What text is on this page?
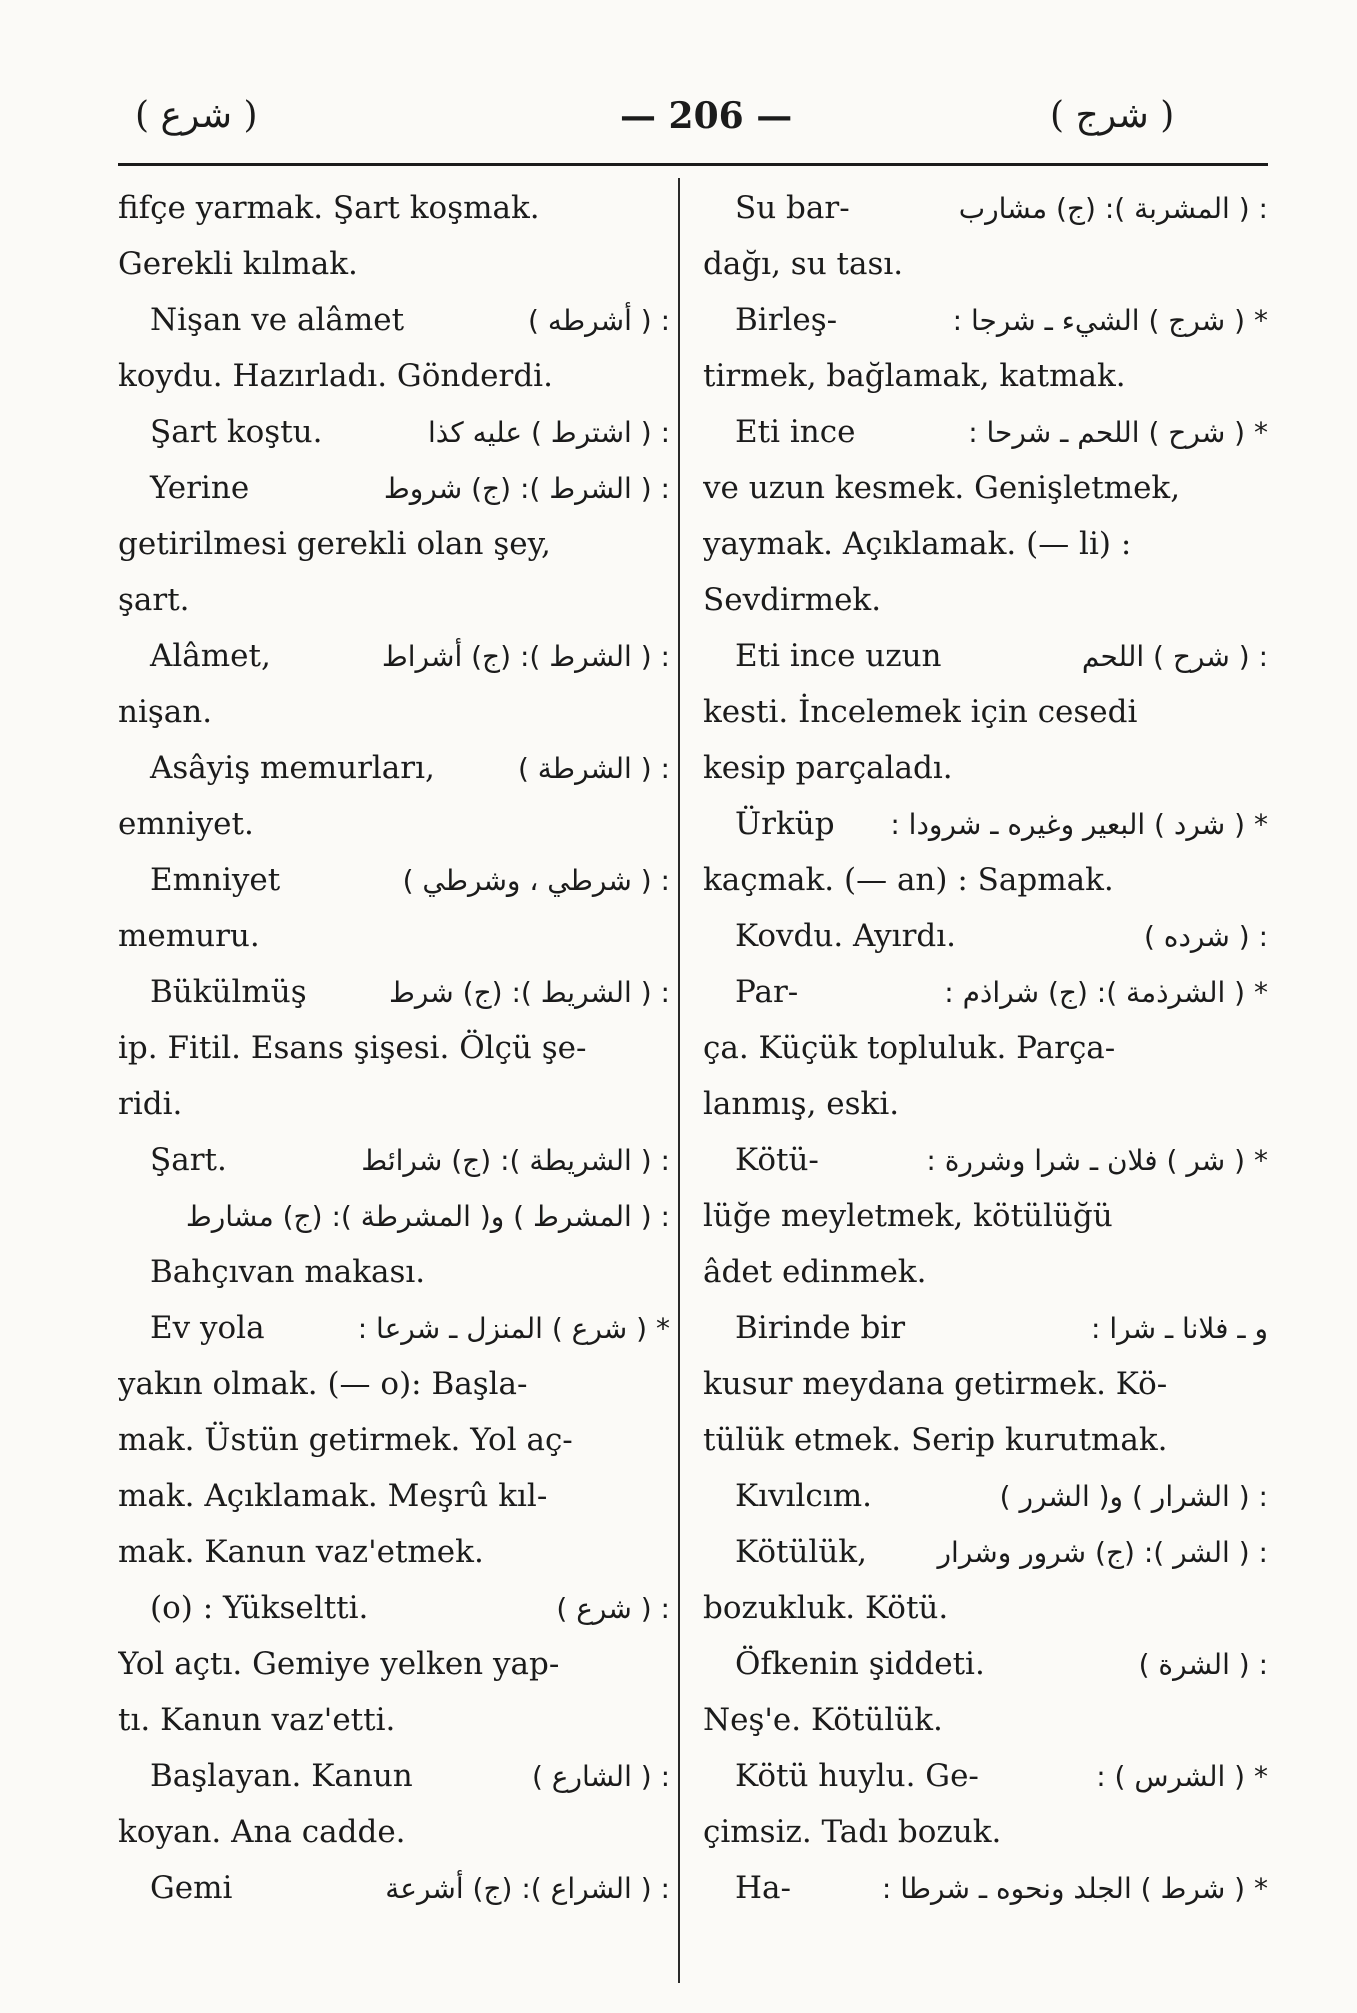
( شرع )	— 206 —	( شرج )
fifçe yarmak. Şart koşmak.
Gerekli kılmak.
Nişan ve alâmet	: ( أشرطه )
koydu. Hazırladı. Gönderdi.
Şart koştu.	: ( اشترط ) عليه كذا
Yerine	: ( الشرط ): (ج) شروط
getirilmesi gerekli olan şey,
şart.
Alâmet,	: ( الشرط ): (ج) أشراط
nişan.
Asâyiş memurları,	: ( الشرطة )
emniyet.
Emniyet	: ( شرطي ، وشرطي )
memuru.
Bükülmüş	: ( الشريط ): (ج) شرط
ip. Fitil. Esans şişesi. Ölçü şe-
ridi.
Şart.	: ( الشريطة ): (ج) شرائط
: ( المشرط ) و( المشرطة ): (ج) مشارط
Bahçıvan makası.
Ev yola	* ( شرع ) المنزل ـ شرعا :
yakın olmak. (— o): Başla-
mak. Üstün getirmek. Yol aç-
mak. Açıklamak. Meşrû kıl-
mak. Kanun vaz'etmek.
(o) : Yükseltti.	: ( شرع )
Yol açtı. Gemiye yelken yap-
tı. Kanun vaz'etti.
Başlayan. Kanun	: ( الشارع )
koyan. Ana cadde.
Gemi	: ( الشراع ): (ج) أشرعة
Su bar-	: ( المشربة ): (ج) مشارب
dağı, su tası.
Birleş-	* ( شرج ) الشيء ـ شرجا :
tirmek, bağlamak, katmak.
Eti ince	* ( شرح ) اللحم ـ شرحا :
ve uzun kesmek. Genişletmek,
yaymak. Açıklamak. (— li) :
Sevdirmek.
Eti ince uzun	: ( شرح ) اللحم
kesti. İncelemek için cesedi
kesip parçaladı.
Ürküp * ( شرد ) البعير وغيره ـ شرودا :
kaçmak. (— an) : Sapmak.
Kovdu. Ayırdı.	: ( شرده )
Par-	* ( الشرذمة ): (ج) شراذم :
ça. Küçük topluluk. Parça-
lanmış, eski.
Kötü-	* ( شر ) فلان ـ شرا وشررة :
lüğe meyletmek, kötülüğü
âdet edinmek.
Birinde bir	و ـ فلانا ـ شرا :
kusur meydana getirmek. Kö-
tülük etmek. Serip kurutmak.
Kıvılcım.	: ( الشرار ) و( الشرر )
Kötülük,	: ( الشر ): (ج) شرور وشرار
bozukluk. Kötü.
Öfkenin şiddeti.	: ( الشرة )
Neş'e. Kötülük.
Kötü huylu. Ge-	* ( الشرس ) :
çimsiz. Tadı bozuk.
Ha-	* ( شرط ) الجلد ونحوه ـ شرطا :
